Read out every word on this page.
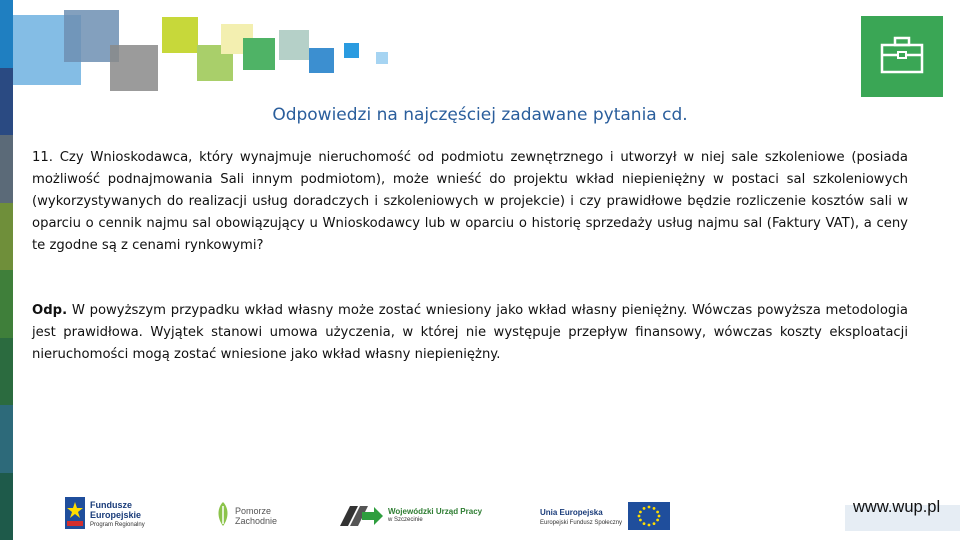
Odpowiedzi na najczęściej zadawane pytania cd.
11. Czy Wnioskodawca, który wynajmuje nieruchomość od podmiotu zewnętrznego i utworzył w niej sale szkoleniowe (posiada możliwość podnajmowania Sali innym podmiotom), może wnieść do projektu wkład niepieniężny w postaci sal szkoleniowych (wykorzystywanych do realizacji usług doradczych i szkoleniowych w projekcie) i czy prawidłowe będzie rozliczenie kosztów sali w oparciu o cennik najmu sal obowiązujący u Wnioskodawcy lub w oparciu o historię sprzedaży usług najmu sal (Faktury VAT), a ceny te zgodne są z cenami rynkowymi?
Odp. W powyższym przypadku wkład własny może zostać wniesiony jako wkład własny pieniężny. Wówczas powyższa metodologia jest prawidłowa. Wyjątek stanowi umowa użyczenia, w której nie występuje przepływ finansowy, wówczas koszty eksploatacji nieruchomości mogą zostać wniesione jako wkład własny niepieniężny.
Fundusze
Europejskie
Program Regionalny
Pomorze
Zachodnie
Wojewódzki Urząd Pracy
w Szczecinie
Unia Europejska
Europejski Fundusz Społeczny
www.wup.pl
